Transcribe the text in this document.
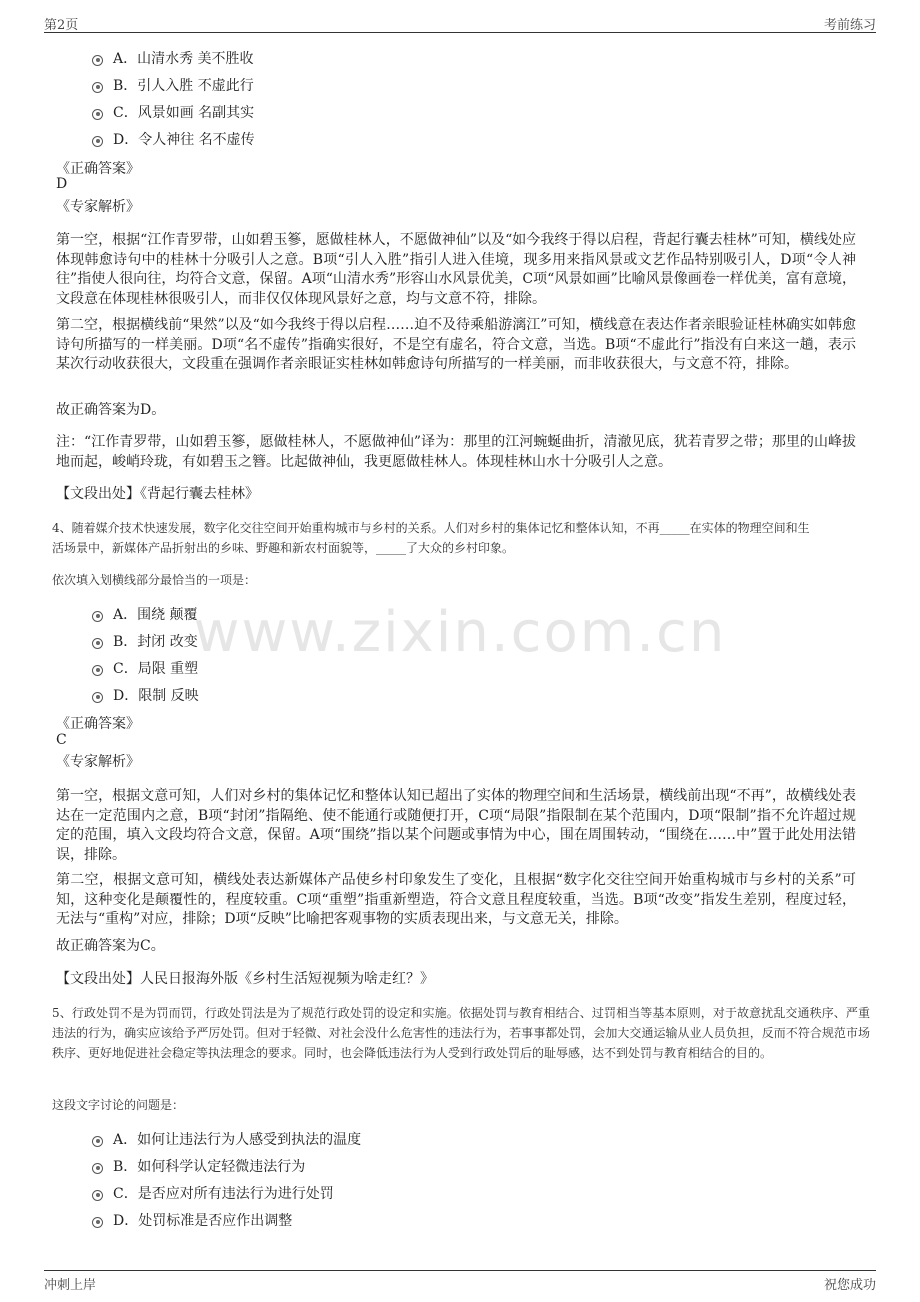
第2页	考前练习
www.zixin.com.cn
A．山清水秀 美不胜收
B．引人入胜 不虚此行
C．风景如画 名副其实
D．令人神往 名不虚传
《正确答案》
D
《专家解析》
第一空，根据“江作青罗带，山如碧玉篸，愿做桂林人，不愿做神仙”以及“如今我终于得以启程，背起行囊去桂林”可知，横线处应体现韩愈诗句中的桂林十分吸引人之意。B项“引人入胜”指引人进入佳境，现多用来指风景或文艺作品特别吸引人，D项“令人神往”指使人很向往，均符合文意，保留。A项“山清水秀”形容山水风景优美，C项“风景如画”比喻风景像画卷一样优美，富有意境，文段意在体现桂林很吸引人，而非仅仅体现风景好之意，均与文意不符，排除。
第二空，根据横线前“果然”以及“如今我终于得以启程……迫不及待乘船游漓江”可知，横线意在表达作者亲眼验证桂林确实如韩愈诗句所描写的一样美丽。D项“名不虚传”指确实很好，不是空有虚名，符合文意，当选。B项“不虚此行”指没有白来这一趟，表示某次行动收获很大，文段重在强调作者亲眼证实桂林如韩愈诗句所描写的一样美丽，而非收获很大，与文意不符，排除。
故正确答案为D。
注：“江作青罗带，山如碧玉篸，愿做桂林人，不愿做神仙”译为：那里的江河蜿蜒曲折，清澈见底，犹若青罗之带；那里的山峰拔地而起，峻峭玲珑，有如碧玉之簪。比起做神仙，我更愿做桂林人。体现桂林山水十分吸引人之意。
【文段出处】《背起行囊去桂林》
4、随着媒介技术快速发展，数字化交往空间开始重构城市与乡村的关系。人们对乡村的集体记忆和整体认知，不再_____在实体的物理空间和生
活场景中，新媒体产品折射出的乡味、野趣和新农村面貌等，_____了大众的乡村印象。
依次填入划横线部分最恰当的一项是：
A．围绕 颠覆
B．封闭 改变
C．局限 重塑
D．限制 反映
《正确答案》
C
《专家解析》
第一空，根据文意可知，人们对乡村的集体记忆和整体认知已超出了实体的物理空间和生活场景，横线前出现“不再”，故横线处表达在一定范围内之意，B项“封闭”指隔绝、使不能通行或随便打开，C项“局限”指限制在某个范围内，D项“限制”指不允许超过规定的范围，填入文段均符合文意，保留。A项“围绕”指以某个问题或事情为中心，围在周围转动，“围绕在……中”置于此处用法错误，排除。
第二空，根据文意可知，横线处表达新媒体产品使乡村印象发生了变化，且根据“数字化交往空间开始重构城市与乡村的关系”可知，这种变化是颠覆性的，程度较重。C项“重塑”指重新塑造，符合文意且程度较重，当选。B项“改变”指发生差别，程度过轻，无法与“重构”对应，排除；D项“反映”比喻把客观事物的实质表现出来，与文意无关，排除。
故正确答案为C。
【文段出处】人民日报海外版《乡村生活短视频为啥走红？》
5、行政处罚不是为罚而罚，行政处罚法是为了规范行政处罚的设定和实施。依据处罚与教育相结合、过罚相当等基本原则，对于故意扰乱交通秩序、严重违法的行为，确实应该给予严厉处罚。但对于轻微、对社会没什么危害性的违法行为，若事事都处罚，会加大交通运输从业人员负担，反而不符合规范市场秩序、更好地促进社会稳定等执法理念的要求。同时，也会降低违法行为人受到行政处罚后的耻辱感，达不到处罚与教育相结合的目的。
这段文字讨论的问题是：
A．如何让违法行为人感受到执法的温度
B．如何科学认定轻微违法行为
C．是否应对所有违法行为进行处罚
D．处罚标准是否应作出调整
冲刺上岸	祝您成功
